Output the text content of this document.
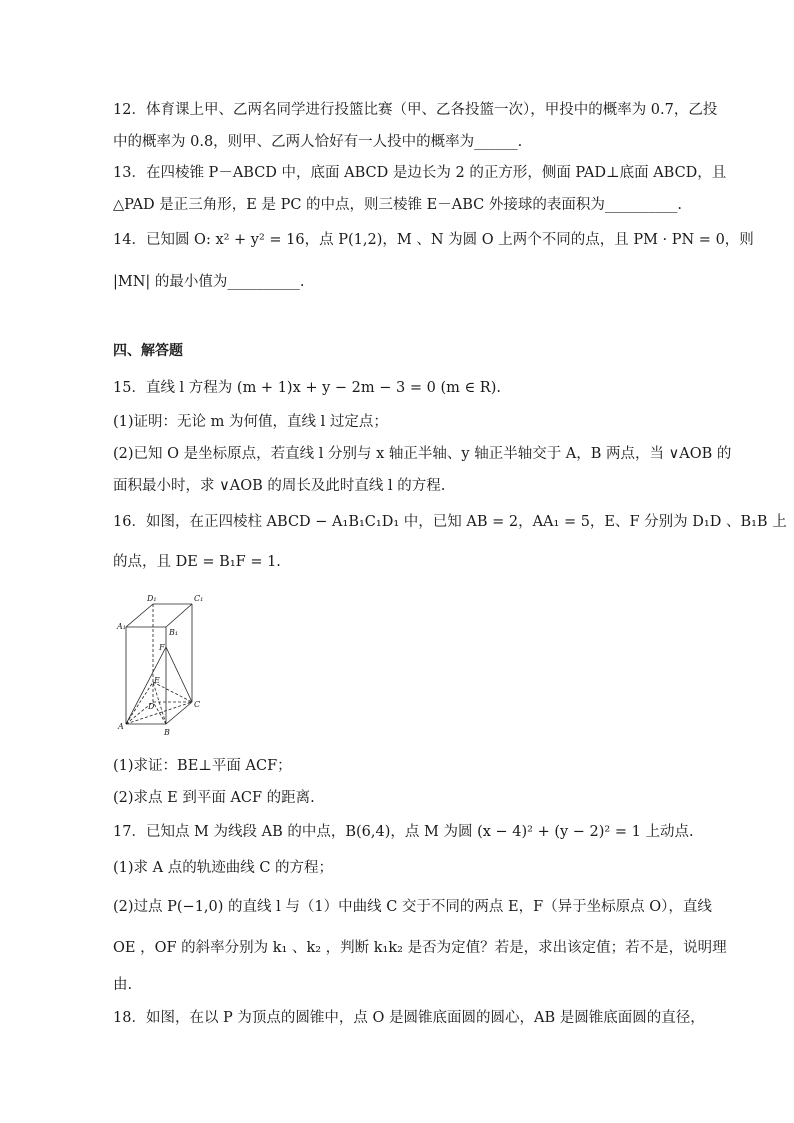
12．体育课上甲、乙两名同学进行投篮比赛（甲、乙各投篮一次），甲投中的概率为 0.7，乙投
中的概率为 0.8，则甲、乙两人恰好有一人投中的概率为______.
13．在四棱锥 P－ABCD 中，底面 ABCD 是边长为 2 的正方形，侧面 PAD⊥底面 ABCD，且
△PAD 是正三角形，E 是 PC 的中点，则三棱锥 E－ABC 外接球的表面积为__________.
14．已知圆 O: x² + y² = 16，点 P(1,2)，M 、N 为圆 O 上两个不同的点，且 PM · PN = 0，则
|MN| 的最小值为__________.
四、解答题
15．直线 l 方程为 (m + 1)x + y − 2m − 3 = 0 (m ∈ R).
(1)证明：无论 m 为何值，直线 l 过定点；
(2)已知 O 是坐标原点，若直线 l 分别与 x 轴正半轴、y 轴正半轴交于 A，B 两点，当 ∨AOB 的
面积最小时，求 ∨AOB 的周长及此时直线 l 的方程.
16．如图，在正四棱柱 ABCD − A₁B₁C₁D₁ 中，已知 AB = 2，AA₁ = 5，E、F 分别为 D₁D 、B₁B 上
的点，且 DE = B₁F = 1.
D₁	C₁
A₁
B₁
F
E
D
A
B
C
(1)求证：BE⊥平面 ACF；
(2)求点 E 到平面 ACF 的距离.
17．已知点 M 为线段 AB 的中点，B(6,4)，点 M 为圆 (x − 4)² + (y − 2)² = 1 上动点.
(1)求 A 点的轨迹曲线 C 的方程；
(2)过点 P(−1,0) 的直线 l 与（1）中曲线 C 交于不同的两点 E，F（异于坐标原点 O），直线
OE ，OF 的斜率分别为 k₁ 、k₂ ，判断 k₁k₂ 是否为定值？若是，求出该定值；若不是，说明理
由.
18．如图，在以 P 为顶点的圆锥中，点 O 是圆锥底面圆的圆心，AB 是圆锥底面圆的直径，
